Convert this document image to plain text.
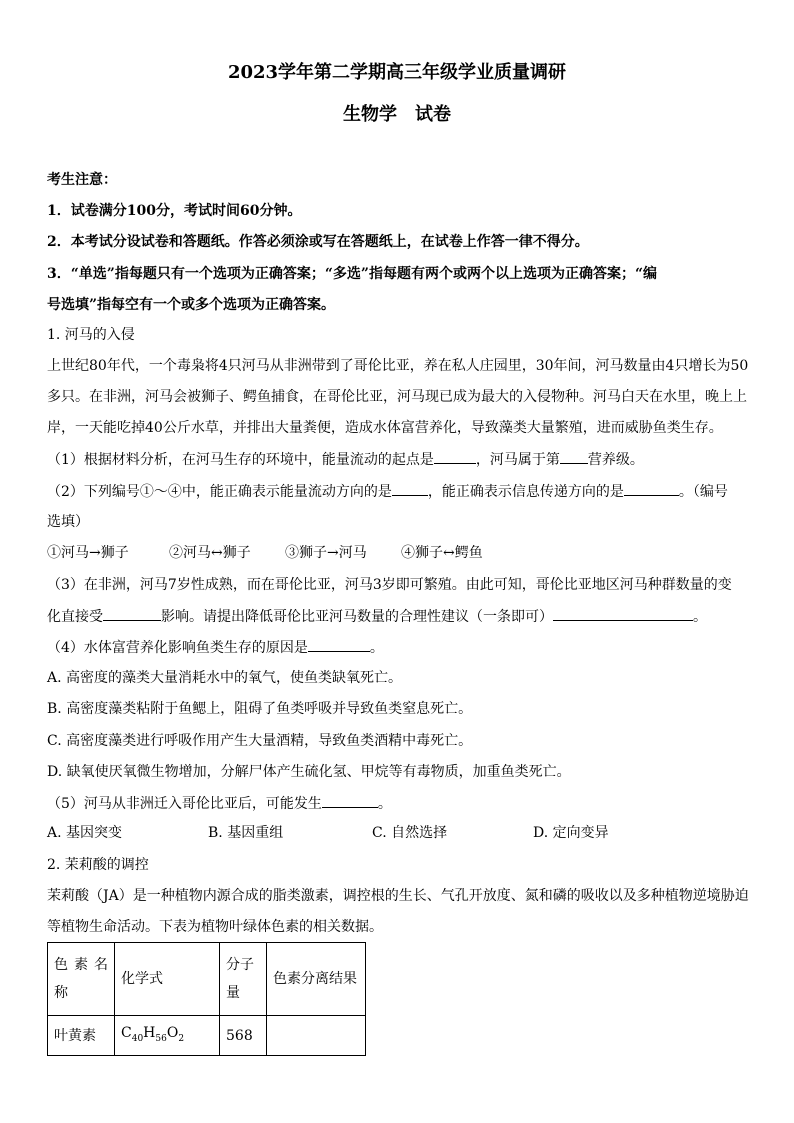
2023学年第二学期高三年级学业质量调研
生物学　试卷
考生注意：
1．试卷满分100分，考试时间60分钟。
2．本考试分设试卷和答题纸。作答必须涂或写在答题纸上，在试卷上作答一律不得分。
3．“单选”指每题只有一个选项为正确答案；“多选”指每题有两个或两个以上选项为正确答案；“编
号选填”指每空有一个或多个选项为正确答案。
1. 河马的入侵
上世纪80年代，一个毒枭将4只河马从非洲带到了哥伦比亚，养在私人庄园里，30年间，河马数量由4只增长为50
多只。在非洲，河马会被狮子、鳄鱼捕食，在哥伦比亚，河马现已成为最大的入侵物种。河马白天在水里，晚上上
岸，一天能吃掉40公斤水草，并排出大量粪便，造成水体富营养化，导致藻类大量繁殖，进而威胁鱼类生存。
（1）根据材料分析，在河马生存的环境中，能量流动的起点是	，河马属于第 营养级。
（2）下列编号①～④中，能正确表示能量流动方向的是	，能正确表示信息传递方向的是	。（编号
选填）
①河马→狮子	②河马↔狮子 ③狮子→河马 ④狮子↔鳄鱼
（3）在非洲，河马7岁性成熟，而在哥伦比亚，河马3岁即可繁殖。由此可知，哥伦比亚地区河马种群数量的变
化直接受	影响。请提出降低哥伦比亚河马数量的合理性建议（一条即可）	。
（4）水体富营养化影响鱼类生存的原因是	。
A. 高密度的藻类大量消耗水中的氧气，使鱼类缺氧死亡。
B. 高密度藻类粘附于鱼鳃上，阻碍了鱼类呼吸并导致鱼类窒息死亡。
C. 高密度藻类进行呼吸作用产生大量酒精，导致鱼类酒精中毒死亡。
D. 缺氧使厌氧微生物增加，分解尸体产生硫化氢、甲烷等有毒物质，加重鱼类死亡。
（5）河马从非洲迁入哥伦比亚后，可能发生	。
A. 基因突变	B. 基因重组	C. 自然选择	D. 定向变异
2. 茉莉酸的调控
茉莉酸（JA）是一种植物内源合成的脂类激素，调控根的生长、气孔开放度、氮和磷的吸收以及多种植物逆境胁迫
等植物生命活动。下表为植物叶绿体色素的相关数据。
色素名称	化学式	分子量	色素分离结果
叶黄素	$C_{40}H_{56}O_2$	568	
